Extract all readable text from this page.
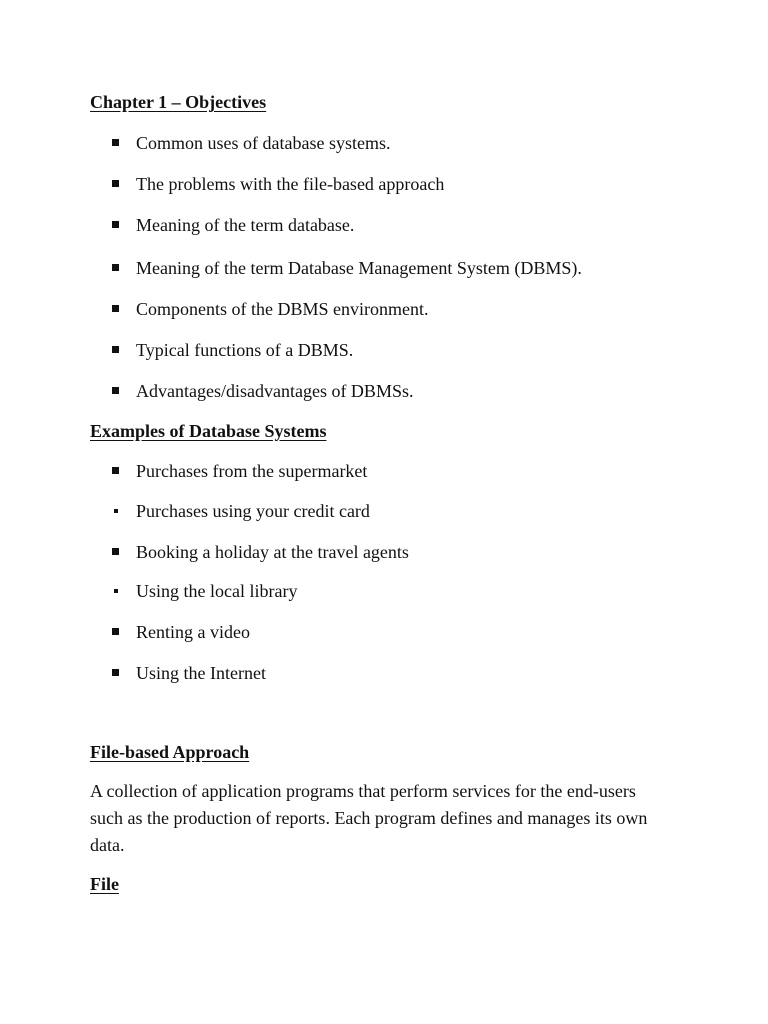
Chapter 1 – Objectives
Common uses of database systems.
The problems with the file-based approach
Meaning of the term database.
Meaning of the term Database Management System (DBMS).
Components of the DBMS environment.
Typical functions of a DBMS.
Advantages/disadvantages of DBMSs.
Examples of Database Systems
Purchases from the supermarket
Purchases using your credit card
Booking a holiday at the travel agents
Using the local library
Renting a video
Using the Internet
File-based Approach

A collection of application programs that perform services for the end-users such as the production of reports. Each program defines and manages its own data.

File
